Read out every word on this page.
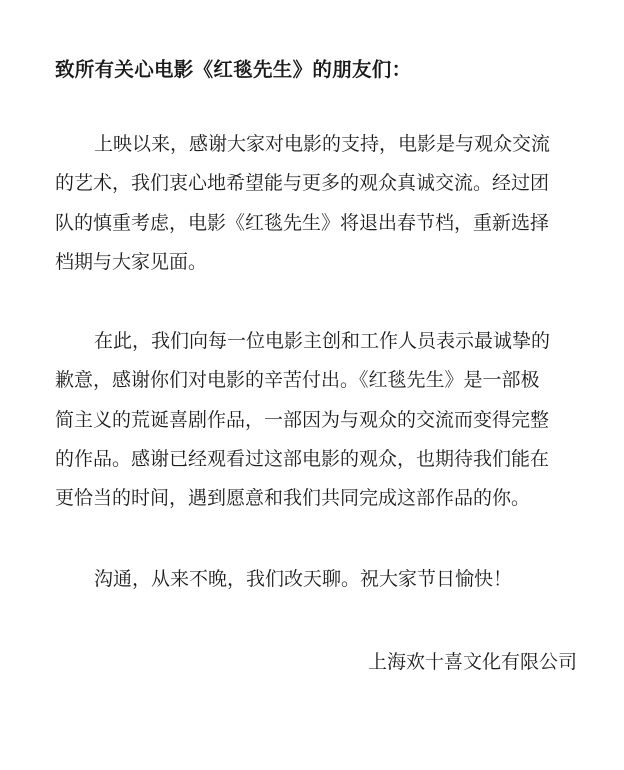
致所有关心电影《红毯先生》的朋友们：

上映以来，感谢大家对电影的支持，电影是与观众交流
的艺术，我们衷心地希望能与更多的观众真诚交流。经过团
队的慎重考虑，电影《红毯先生》将退出春节档，重新选择
档期与大家见面。
在此，我们向每一位电影主创和工作人员表示最诚挚的
歉意，感谢你们对电影的辛苦付出。《红毯先生》是一部极
简主义的荒诞喜剧作品，一部因为与观众的交流而变得完整
的作品。感谢已经观看过这部电影的观众，也期待我们能在
更恰当的时间，遇到愿意和我们共同完成这部作品的你。
沟通，从来不晚，我们改天聊。祝大家节日愉快！

上海欢十喜文化有限公司
